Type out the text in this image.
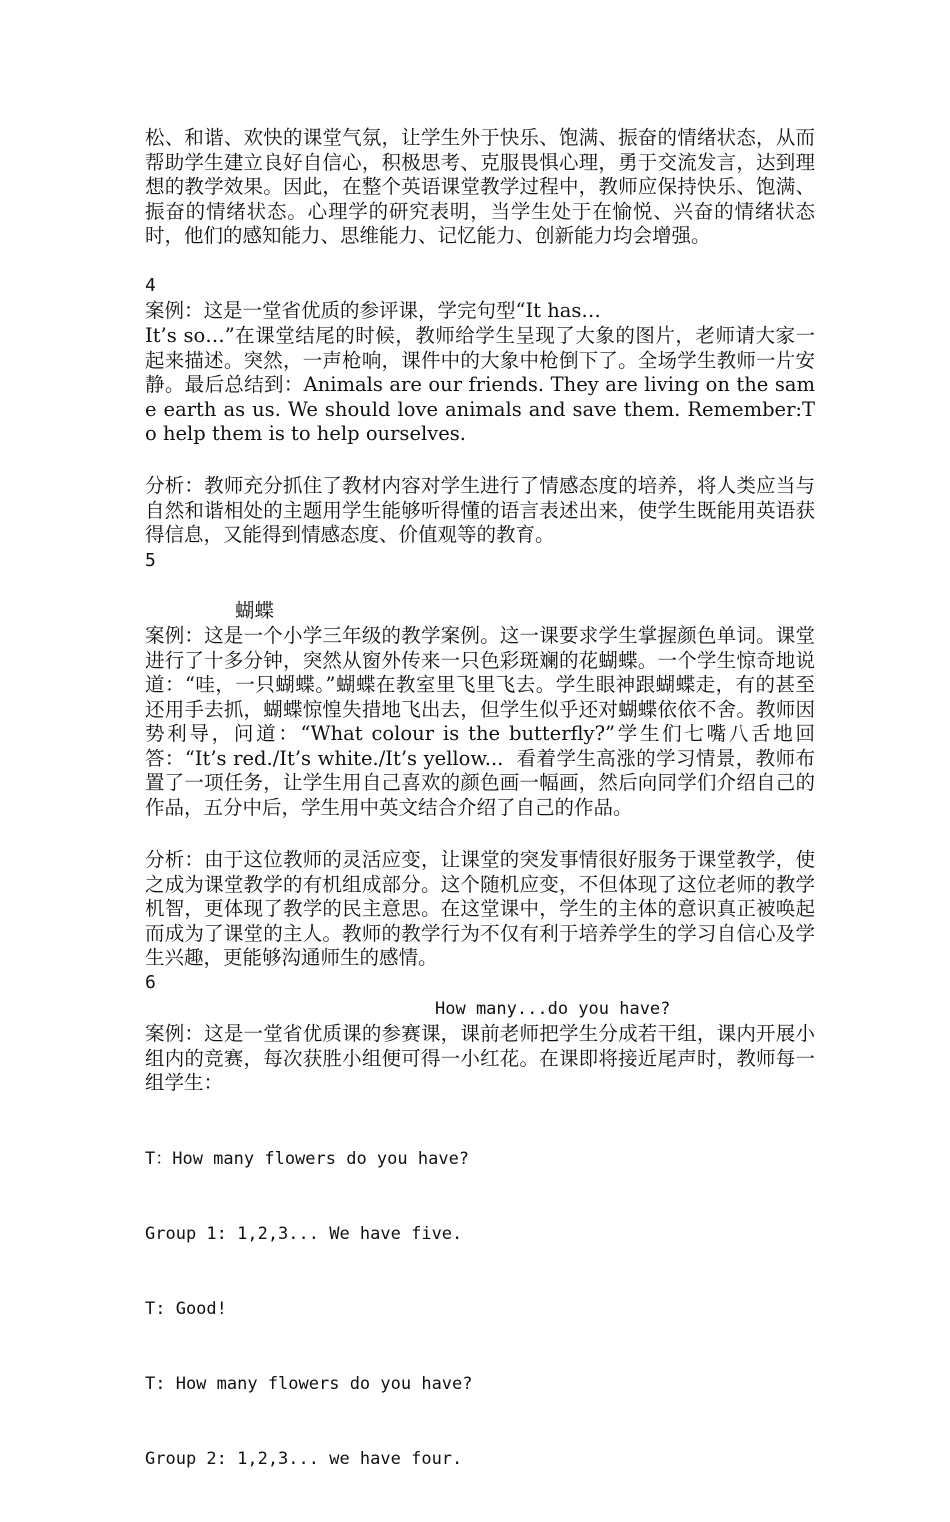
松、和谐、欢快的课堂气氛，让学生外于快乐、饱满、振奋的情绪状态，从而帮助学生建立良好自信心，积极思考、克服畏惧心理，勇于交流发言，达到理想的教学效果。因此，在整个英语课堂教学过程中，教师应保持快乐、饱满、振奋的情绪状态。心理学的研究表明，当学生处于在愉悦、兴奋的情绪状态时，他们的感知能力、思维能力、记忆能力、创新能力均会增强。
4
案例：这是一堂省优质的参评课，学完句型“It has…
It’s so…”在课堂结尾的时候，教师给学生呈现了大象的图片，老师请大家一起来描述。突然，一声枪响，课件中的大象中枪倒下了。全场学生教师一片安静。最后总结到：Animals are our friends. They are living on the same earth as us. We should love animals and save them. Remember:To help them is to help ourselves.
分析：教师充分抓住了教材内容对学生进行了情感态度的培养，将人类应当与自然和谐相处的主题用学生能够听得懂的语言表述出来，使学生既能用英语获得信息，又能得到情感态度、价值观等的教育。
5
蝴蝶
案例：这是一个小学三年级的教学案例。这一课要求学生掌握颜色单词。课堂进行了十多分钟，突然从窗外传来一只色彩斑斓的花蝴蝶。一个学生惊奇地说道：“哇，一只蝴蝶。”蝴蝶在教室里飞里飞去。学生眼神跟蝴蝶走，有的甚至还用手去抓，蝴蝶惊惶失措地飞出去，但学生似乎还对蝴蝶依依不舍。教师因势利导，问道：“What colour is the butterfly?”学生们七嘴八舌地回答：“It’s red./It’s white./It’s yellow...  看着学生高涨的学习情景，教师布置了一项任务，让学生用自己喜欢的颜色画一幅画，然后向同学们介绍自己的作品，五分中后，学生用中英文结合介绍了自己的作品。
分析：由于这位教师的灵活应变，让课堂的突发事情很好服务于课堂教学，使之成为课堂教学的有机组成部分。这个随机应变，不但体现了这位老师的教学机智，更体现了教学的民主意思。在这堂课中，学生的主体的意识真正被唤起而成为了课堂的主人。教师的教学行为不仅有利于培养学生的学习自信心及学生兴趣，更能够沟通师生的感情。
6
How many...do you have?
案例：这是一堂省优质课的参赛课，课前老师把学生分成若干组，课内开展小组内的竞赛，每次获胜小组便可得一小红花。在课即将接近尾声时，教师每一组学生：

T：How many flowers do you have?

Group 1: 1,2,3... We have five.

T: Good!

T: How many flowers do you have?

Group 2: 1,2,3... we have four.
